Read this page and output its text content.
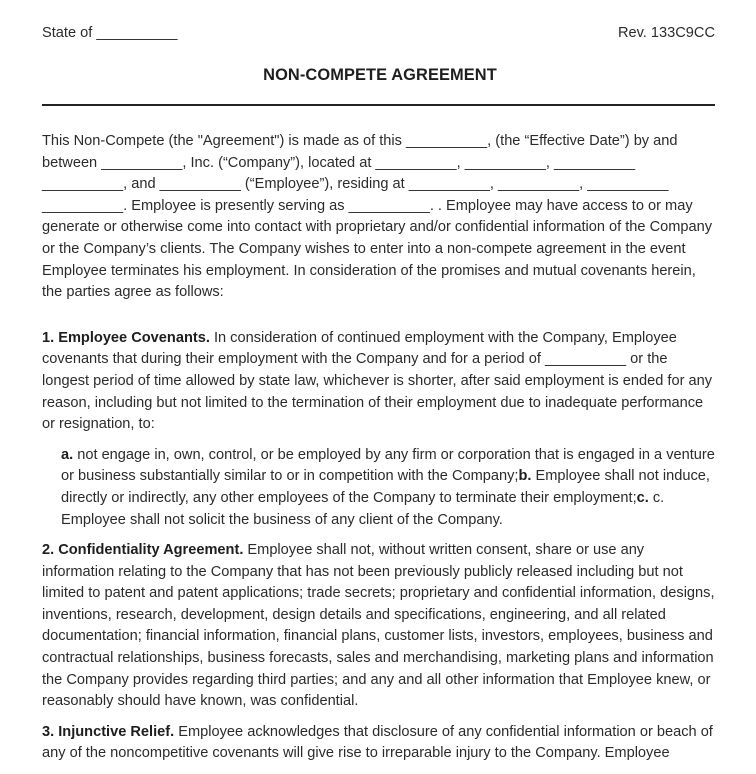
State of __________	Rev. 133C9CC
NON-COMPETE AGREEMENT

This Non-Compete (the "Agreement") is made as of this __________, (the “Effective Date”) by and between __________, Inc. (“Company”), located at __________, __________, __________ __________, and __________ (“Employee”), residing at __________, __________, __________ __________. Employee is presently serving as __________. . Employee may have access to or may generate or otherwise come into contact with proprietary and/or confidential information of the Company or the Company’s clients. The Company wishes to enter into a non-compete agreement in the event Employee terminates his employment. In consideration of the promises and mutual covenants herein, the parties agree as follows:

1. Employee Covenants. In consideration of continued employment with the Company, Employee covenants that during their employment with the Company and for a period of __________ or the longest period of time allowed by state law, whichever is shorter, after said employment is ended for any reason, including but not limited to the termination of their employment due to inadequate performance or resignation, to:

a. not engage in, own, control, or be employed by any firm or corporation that is engaged in a venture or business substantially similar to or in competition with the Company;b. Employee shall not induce, directly or indirectly, any other employees of the Company to terminate their employment;c. c. Employee shall not solicit the business of any client of the Company.

2. Confidentiality Agreement. Employee shall not, without written consent, share or use any information relating to the Company that has not been previously publicly released including but not limited to patent and patent applications; trade secrets; proprietary and confidential information, designs, inventions, research, development, design details and specifications, engineering, and all related documentation; financial information, financial plans, customer lists, investors, employees, business and contractual relationships, business forecasts, sales and merchandising, marketing plans and information the Company provides regarding third parties; and any and all other information that Employee knew, or reasonably should have known, was confidential.

3. Injunctive Relief. Employee acknowledges that disclosure of any confidential information or beach of any of the noncompetitive covenants will give rise to irreparable injury to the Company. Employee
